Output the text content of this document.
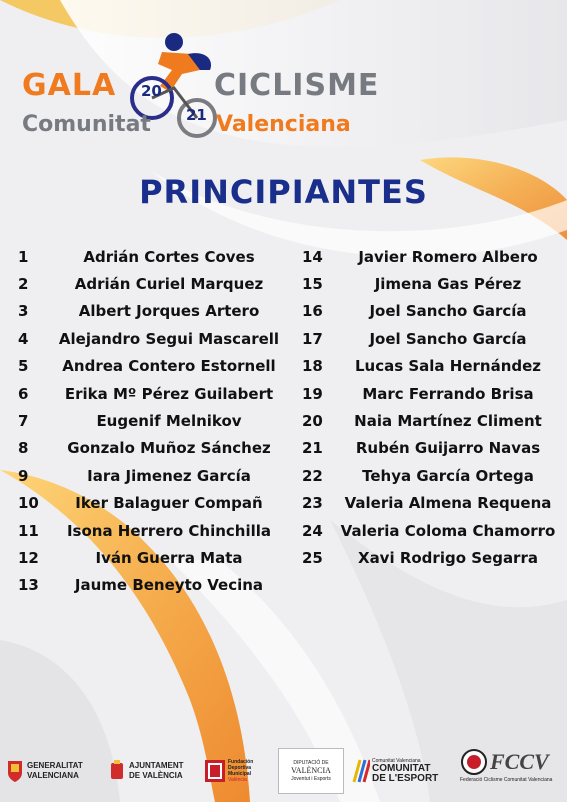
GALA 20 CICLISME
Comunitat 21 Valenciana
PRINCIPIANTES
1	Adrián Cortes Coves
2	Adrián Curiel Marquez
3	Albert Jorques Artero
4	Alejandro Segui Mascarell
5	Andrea Contero Estornell
6	Erika Mº Pérez Guilabert
7	Eugenif Melnikov
8	Gonzalo Muñoz Sánchez
9	Iara Jimenez García
10	Iker Balaguer Compañ
11	Isona Herrero Chinchilla
12	Iván Guerra Mata
13	Jaume Beneyto Vecina
14	Javier Romero Albero
15	Jimena Gas Pérez
16	Joel Sancho García
17	Joel Sancho García
18	Lucas Sala Hernández
19	Marc Ferrando Brisa
20	Naia Martínez Climent
21	Rubén Guijarro Navas
22	Tehya García Ortega
23	Valeria Almena Requena
24	Valeria Coloma Chamorro
25	Xavi Rodrigo Segarra
GENERALITAT
VALENCIANA
AJUNTAMENT
DE VALÈNCIA
Fundación
Deportiva
Municipal
València
DIPUTACIÓ DE
VALÈNCIA
Joventut i Esports
Comunitat Valenciana
COMUNITAT
DE L'ESPORT
FCCV
Federació Ciclisme Comunitat Valenciana
